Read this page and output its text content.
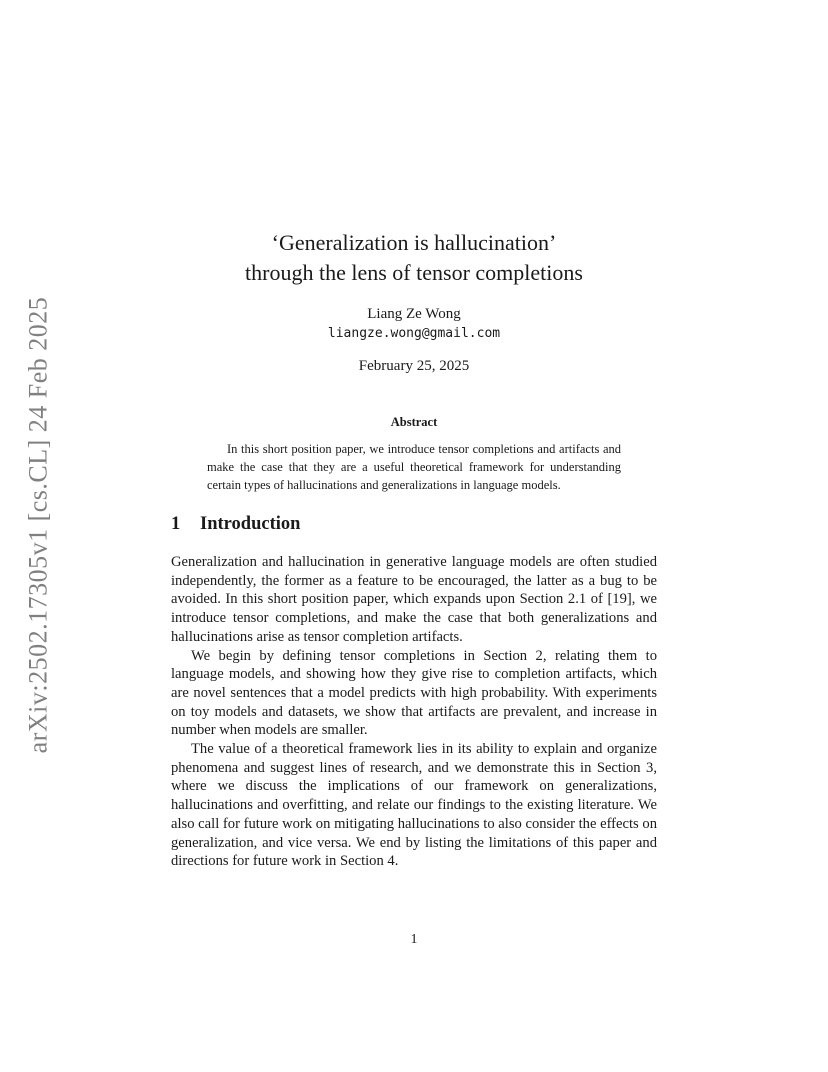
arXiv:2502.17305v1 [cs.CL] 24 Feb 2025

‘Generalization is hallucination’

through the lens of tensor completions

Liang Ze Wong
liangze.wong@gmail.com
February 25, 2025
Abstract

In this short position paper, we introduce tensor completions and artifacts and make the case that they are a useful theoretical framework for understanding certain types of hallucinations and generalizations in language models.

1 Introduction

Generalization and hallucination in generative language models are often studied independently, the former as a feature to be encouraged, the latter as a bug to be avoided. In this short position paper, which expands upon Section 2.1 of [19], we introduce tensor completions, and make the case that both generalizations and hallucinations arise as tensor completion artifacts.

We begin by defining tensor completions in Section 2, relating them to language models, and showing how they give rise to completion artifacts, which are novel sentences that a model predicts with high probability. With experiments on toy models and datasets, we show that artifacts are prevalent, and increase in number when models are smaller.

The value of a theoretical framework lies in its ability to explain and organize phenomena and suggest lines of research, and we demonstrate this in Section 3, where we discuss the implications of our framework on generalizations, hallucinations and overfitting, and relate our findings to the existing literature. We also call for future work on mitigating hallucinations to also consider the effects on generalization, and vice versa. We end by listing the limitations of this paper and directions for future work in Section 4.

1
